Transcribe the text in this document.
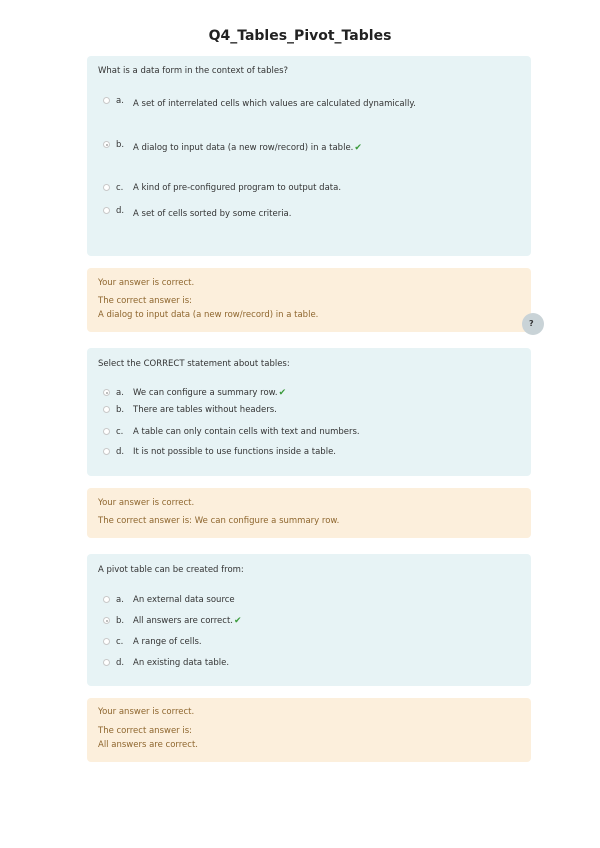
Q4_Tables_Pivot_Tables
What is a data form in the context of tables?
a. A set of interrelated cells which values are calculated dynamically.
b. A dialog to input data (a new row/record) in a table.✔
c. A kind of pre-configured program to output data.
d. A set of cells sorted by some criteria.
Your answer is correct.
The correct answer is:
A dialog to input data (a new row/record) in a table.
?
Select the CORRECT statement about tables:
a. We can configure a summary row.✔
b. There are tables without headers.
c. A table can only contain cells with text and numbers.
d. It is not possible to use functions inside a table.
Your answer is correct.
The correct answer is: We can configure a summary row.
A pivot table can be created from:
a. An external data source
b. All answers are correct.✔
c. A range of cells.
d. An existing data table.
Your answer is correct.
The correct answer is:
All answers are correct.
